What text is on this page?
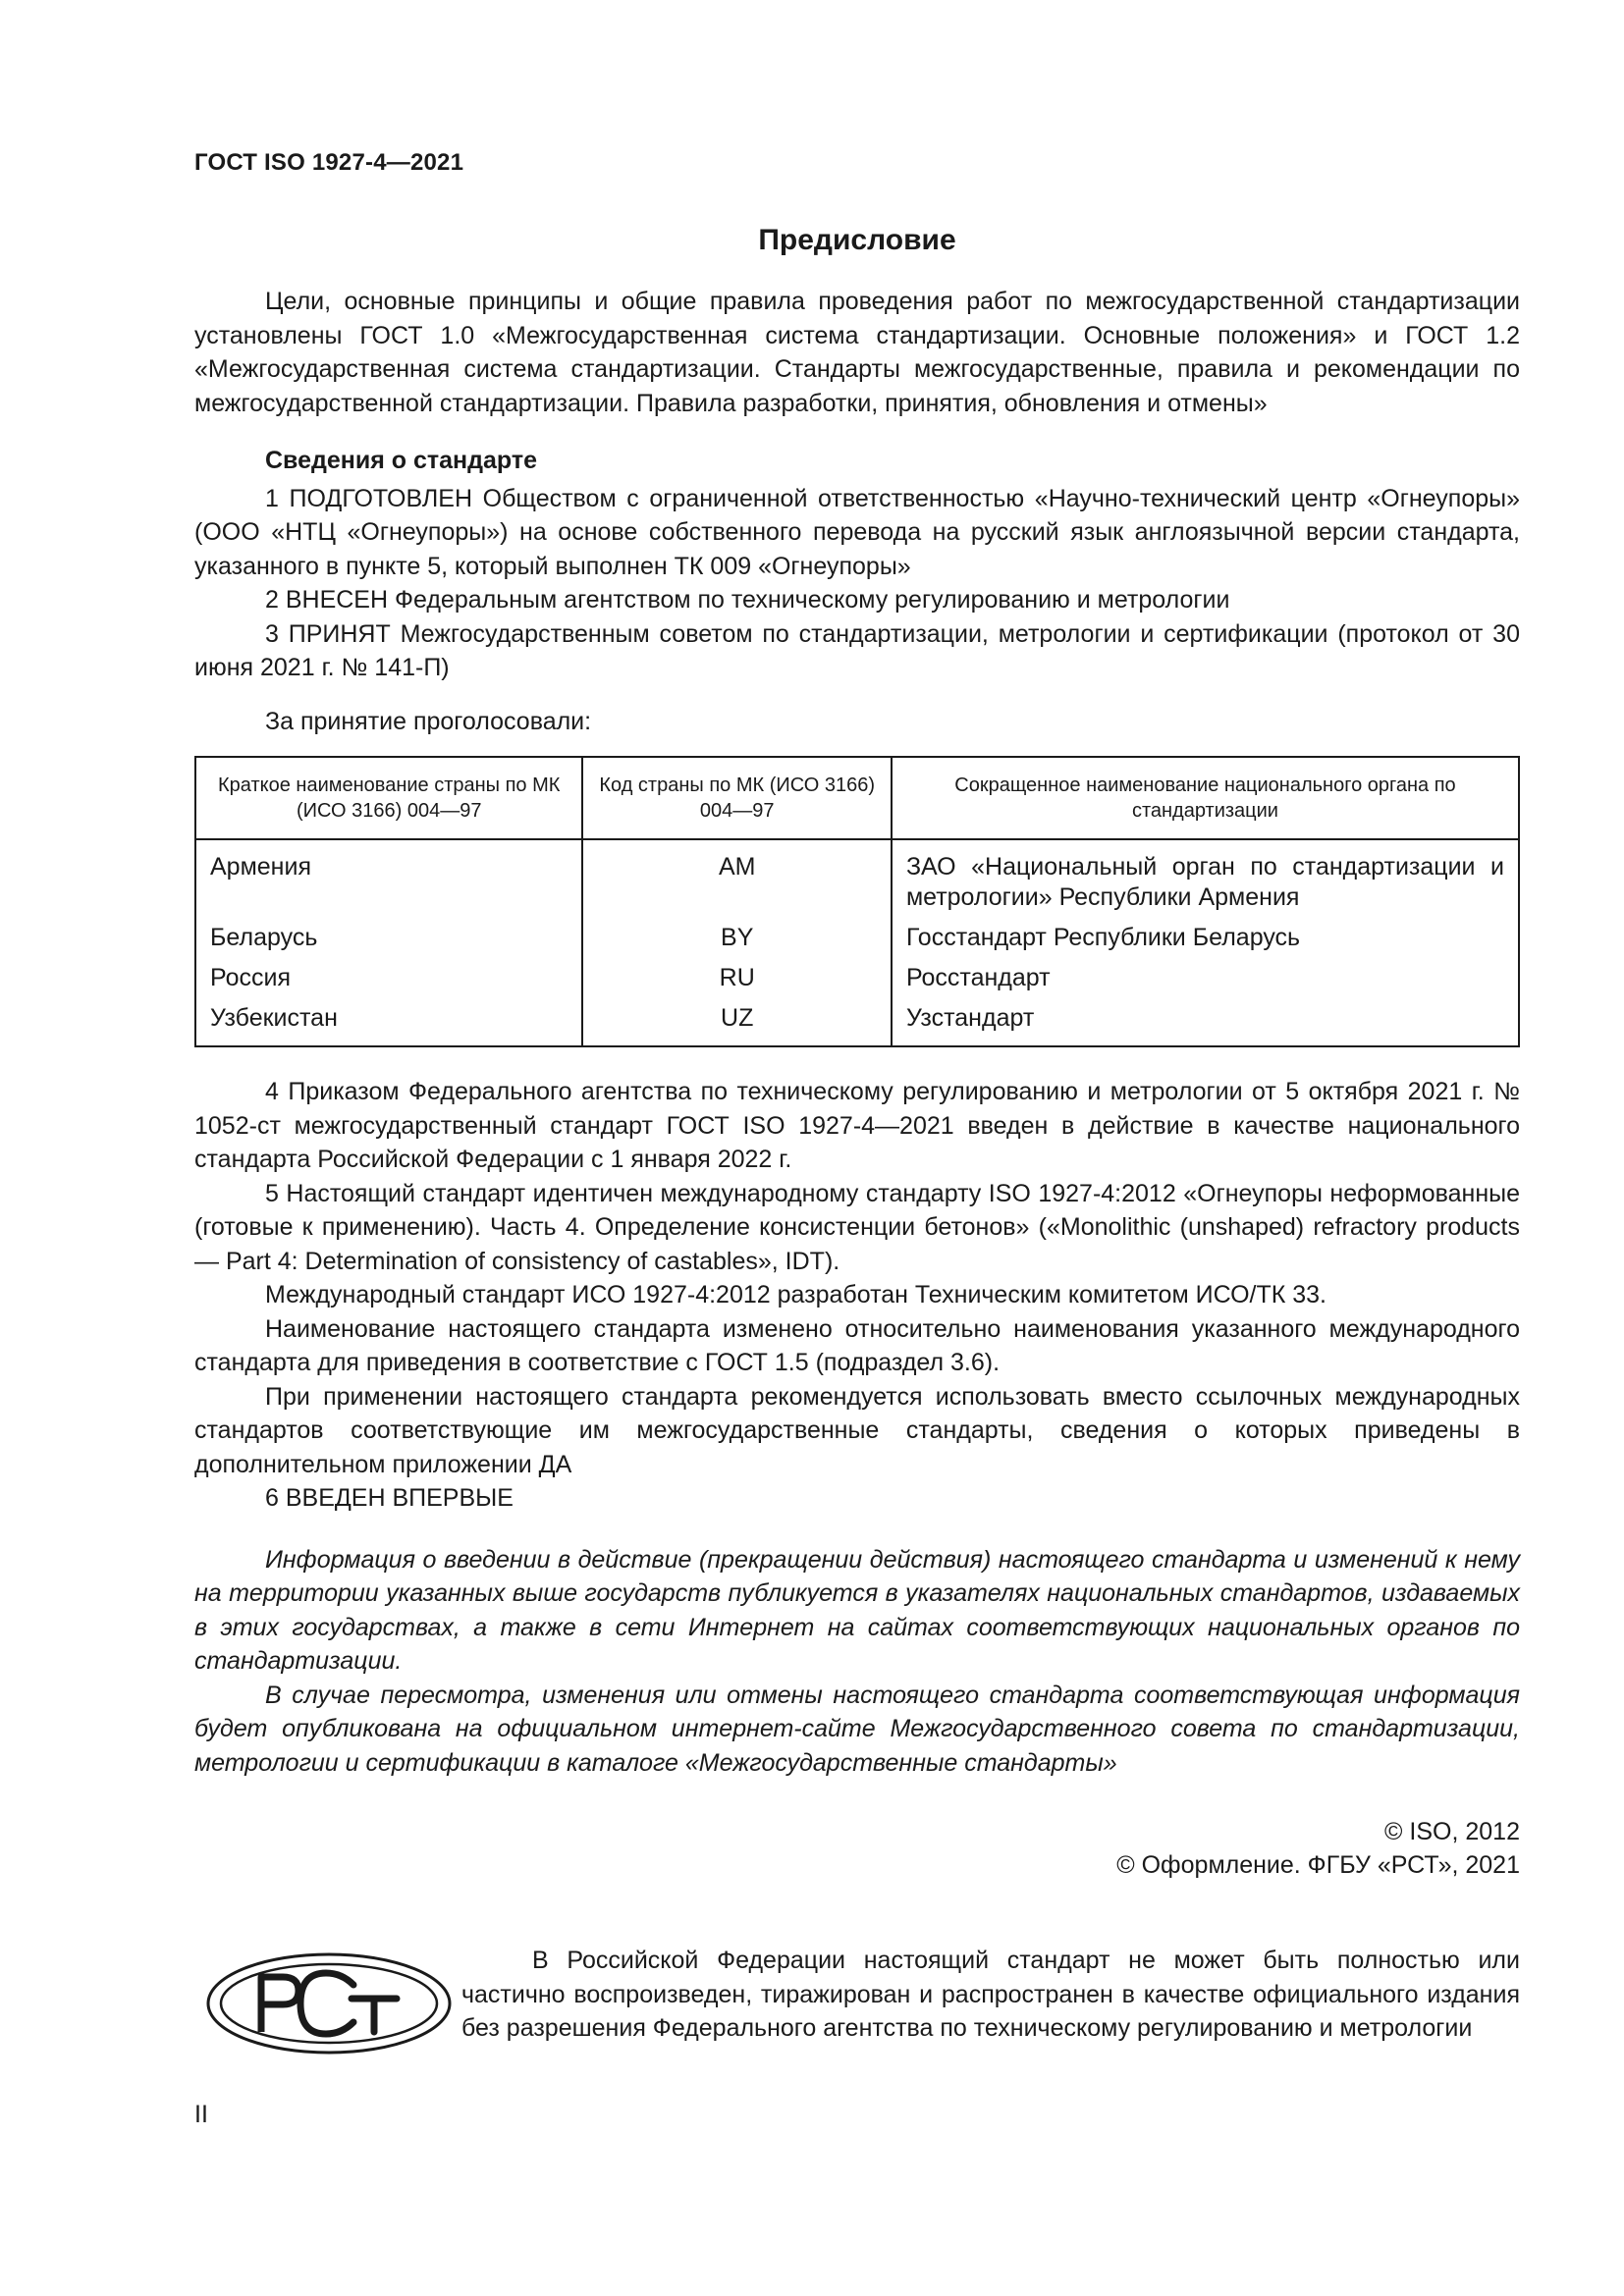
ГОСТ ISO 1927-4—2021
Предисловие

Цели, основные принципы и общие правила проведения работ по межгосударственной стандартизации установлены ГОСТ 1.0 «Межгосударственная система стандартизации. Основные положения» и ГОСТ 1.2 «Межгосударственная система стандартизации. Стандарты межгосударственные, правила и рекомендации по межгосударственной стандартизации. Правила разработки, принятия, обновления и отмены»

Сведения о стандарте

1 ПОДГОТОВЛЕН Обществом с ограниченной ответственностью «Научно-технический центр «Огнеупоры» (ООО «НТЦ «Огнеупоры») на основе собственного перевода на русский язык англоязычной версии стандарта, указанного в пункте 5, который выполнен ТК 009 «Огнеупоры»

2 ВНЕСЕН Федеральным агентством по техническому регулированию и метрологии

3 ПРИНЯТ Межгосударственным советом по стандартизации, метрологии и сертификации (протокол от 30 июня 2021 г. № 141-П)

За принятие проголосовали:

Краткое наименование страны по МК (ИСО 3166) 004—97	Код страны по МК (ИСО 3166) 004—97	Сокращенное наименование национального органа по стандартизации
Армения	AM	ЗАО «Национальный орган по стандартизации и метрологии» Республики Армения
Беларусь	BY	Госстандарт Республики Беларусь
Россия	RU	Росстандарт
Узбекистан	UZ	Узстандарт

4 Приказом Федерального агентства по техническому регулированию и метрологии от 5 октября 2021 г. № 1052-ст межгосударственный стандарт ГОСТ ISO 1927-4—2021 введен в действие в качестве национального стандарта Российской Федерации с 1 января 2022 г.

5 Настоящий стандарт идентичен международному стандарту ISO 1927-4:2012 «Огнеупоры неформованные (готовые к применению). Часть 4. Определение консистенции бетонов» («Monolithic (unshaped) refractory products — Part 4: Determination of consistency of castables», IDT).

Международный стандарт ИСО 1927-4:2012 разработан Техническим комитетом ИСО/ТК 33.

Наименование настоящего стандарта изменено относительно наименования указанного международного стандарта для приведения в соответствие с ГОСТ 1.5 (подраздел 3.6).

При применении настоящего стандарта рекомендуется использовать вместо ссылочных международных стандартов соответствующие им межгосударственные стандарты, сведения о которых приведены в дополнительном приложении ДА

6 ВВЕДЕН ВПЕРВЫЕ

Информация о введении в действие (прекращении действия) настоящего стандарта и изменений к нему на территории указанных выше государств публикуется в указателях национальных стандартов, издаваемых в этих государствах, а также в сети Интернет на сайтах соответствующих национальных органов по стандартизации.

В случае пересмотра, изменения или отмены настоящего стандарта соответствующая информация будет опубликована на официальном интернет-сайте Межгосударственного совета по стандартизации, метрологии и сертификации в каталоге «Межгосударственные стандарты»

© ISO, 2012
© Оформление. ФГБУ «РСТ», 2021

В Российской Федерации настоящий стандарт не может быть полностью или частично воспроизведен, тиражирован и распространен в качестве официального издания без разрешения Федерального агентства по техническому регулированию и метрологии

II
